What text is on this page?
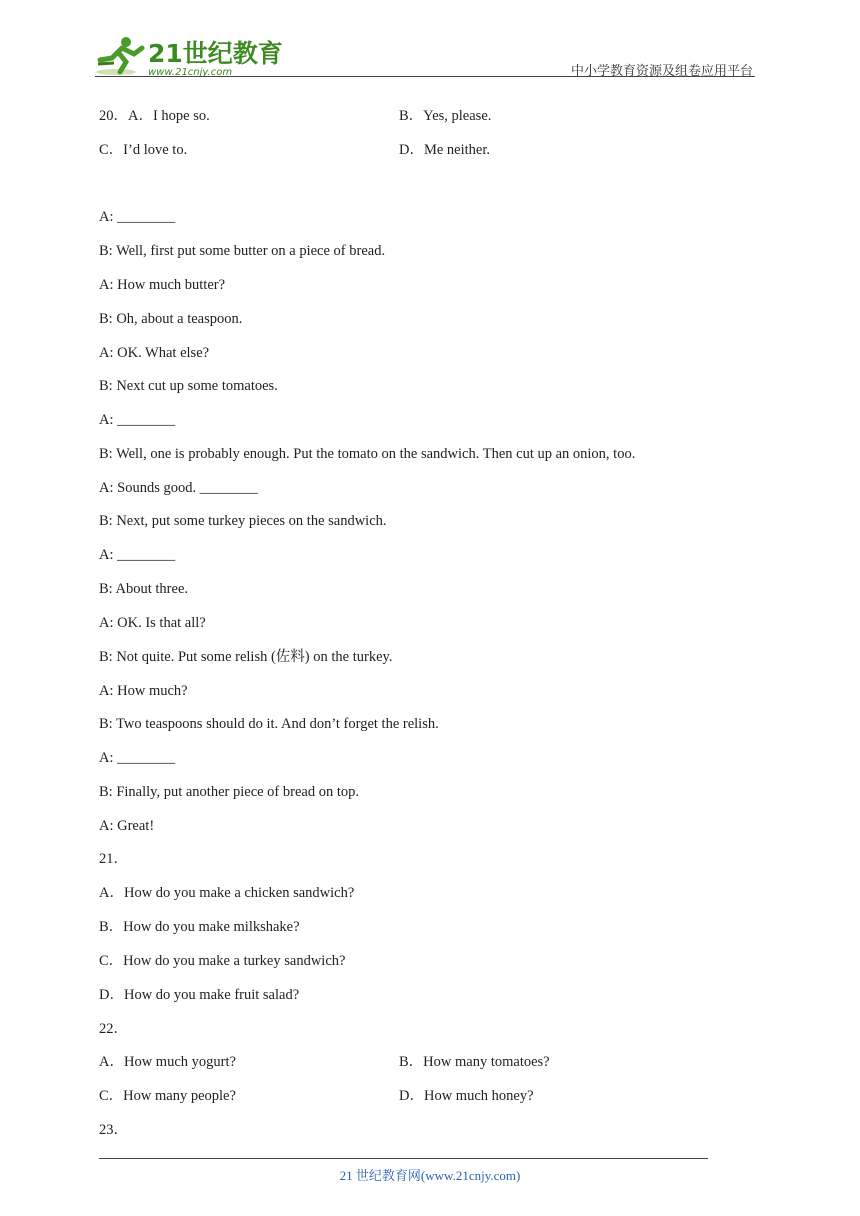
21世纪教育
www.21cnjy.com	中小学教育资源及组卷应用平台
20．A．I hope so.	B．Yes, please.
C．I’d love to.	D．Me neither.
A: ________
B: Well, first put some butter on a piece of bread.
A: How much butter?
B: Oh, about a teaspoon.
A: OK. What else?
B: Next cut up some tomatoes.
A: ________
B: Well, one is probably enough. Put the tomato on the sandwich. Then cut up an onion, too.
A: Sounds good. ________
B: Next, put some turkey pieces on the sandwich.
A: ________
B: About three.
A: OK. Is that all?
B: Not quite. Put some relish (佐料) on the turkey.
A: How much?
B: Two teaspoons should do it. And don’t forget the relish.
A: ________
B: Finally, put another piece of bread on top.
A: Great!
21．
A．How do you make a chicken sandwich?
B．How do you make milkshake?
C．How do you make a turkey sandwich?
D．How do you make fruit salad?
22．
A．How much yogurt?	B．How many tomatoes?
C．How many people?	D．How much honey?
23．
21 世纪教育网(www.21cnjy.com)
